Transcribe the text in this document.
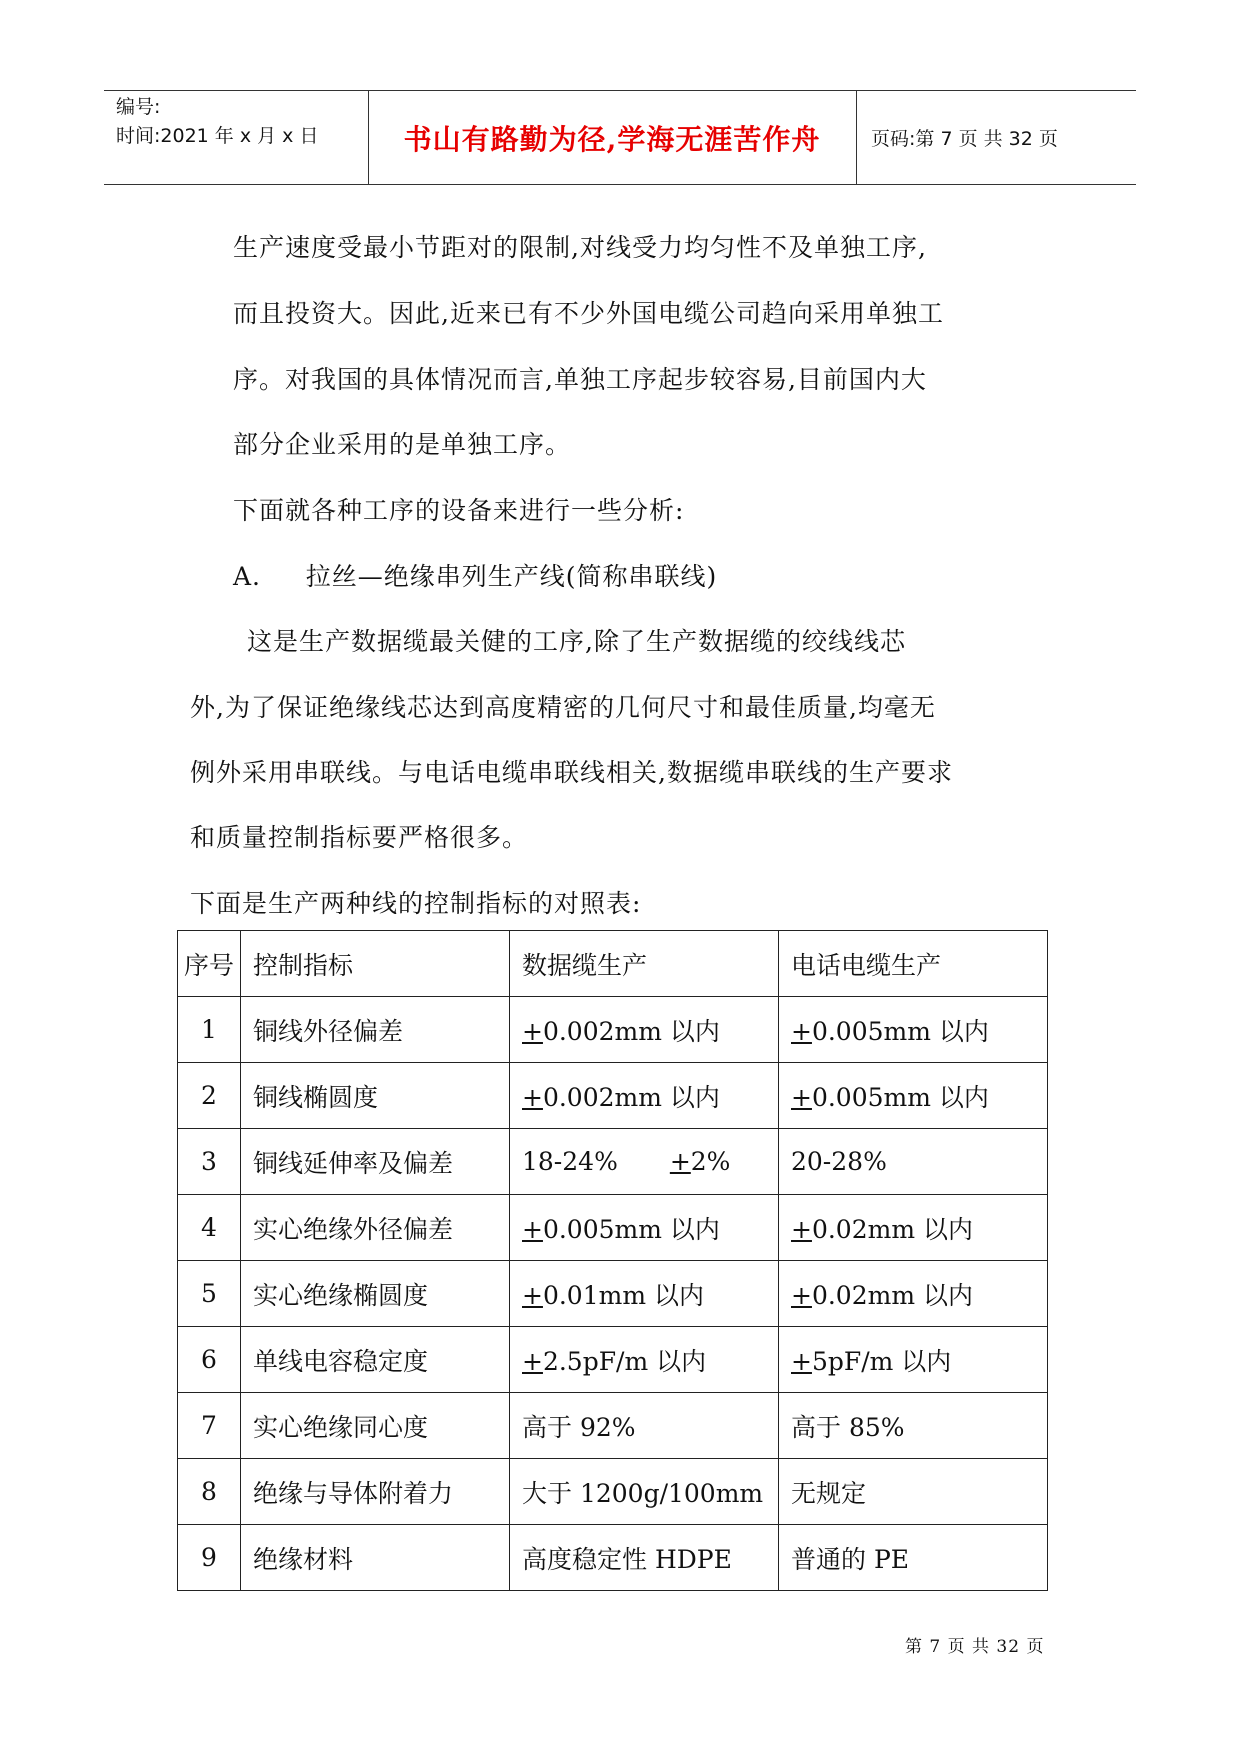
编号:
时间:2021 年 x 月 x 日	书山有路勤为径,学海无涯苦作舟	页码:第 7 页 共 32 页
生产速度受最小节距对的限制,对线受力均匀性不及单独工序,
而且投资大。因此,近来已有不少外国电缆公司趋向采用单独工
序。对我国的具体情况而言,单独工序起步较容易,目前国内大
部分企业采用的是单独工序。
下面就各种工序的设备来进行一些分析:
A.     拉丝—绝缘串列生产线(简称串联线)
这是生产数据缆最关健的工序,除了生产数据缆的绞线线芯
外,为了保证绝缘线芯达到高度精密的几何尺寸和最佳质量,均毫无
例外采用串联线。与电话电缆串联线相关,数据缆串联线的生产要求
和质量控制指标要严格很多。
下面是生产两种线的控制指标的对照表:
序号	控制指标	数据缆生产	电话电缆生产
1	铜线外径偏差	+0.002mm 以内	+0.005mm 以内
2	铜线椭圆度	+0.002mm 以内	+0.005mm 以内
3	铜线延伸率及偏差	18-24% +2%	20-28%
4	实心绝缘外径偏差	+0.005mm 以内	+0.02mm 以内
5	实心绝缘椭圆度	+0.01mm 以内	+0.02mm 以内
6	单线电容稳定度	+2.5pF/m 以内	+5pF/m 以内
7	实心绝缘同心度	高于 92%	高于 85%
8	绝缘与导体附着力	大于 1200g/100mm	无规定
9	绝缘材料	高度稳定性 HDPE	普通的 PE
第 7 页 共 32 页
